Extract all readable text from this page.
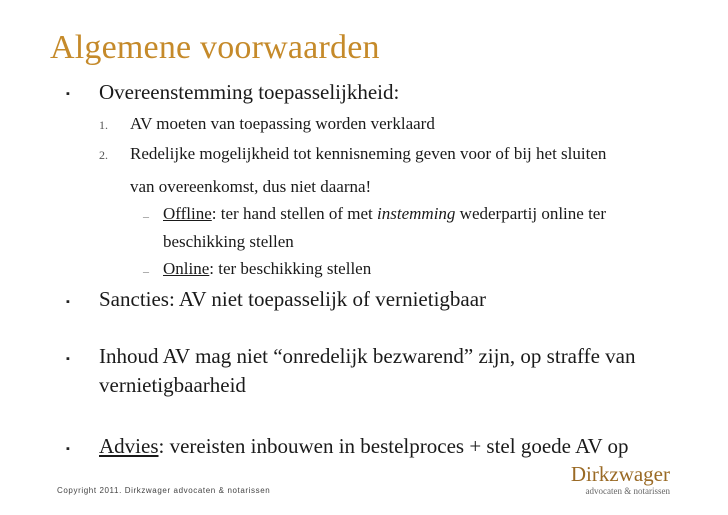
Algemene voorwaarden
▪ Overeenstemming toepasselijkheid:
1. AV moeten van toepassing worden verklaard
2. Redelijke mogelijkheid tot kennisneming geven voor of bij het sluiten
van overeenkomst, dus niet daarna!
– Offline: ter hand stellen of met instemming wederpartij online ter
beschikking stellen
– Online: ter beschikking stellen
▪ Sancties: AV niet toepasselijk of vernietigbaar
▪ Inhoud AV mag niet “onredelijk bezwarend” zijn, op straffe van
vernietigbaarheid
▪ Advies: vereisten inbouwen in bestelproces + stel goede AV op
Copyright 2011. Dirkzwager advocaten & notarissen
Dirkzwager
advocaten & notarissen
